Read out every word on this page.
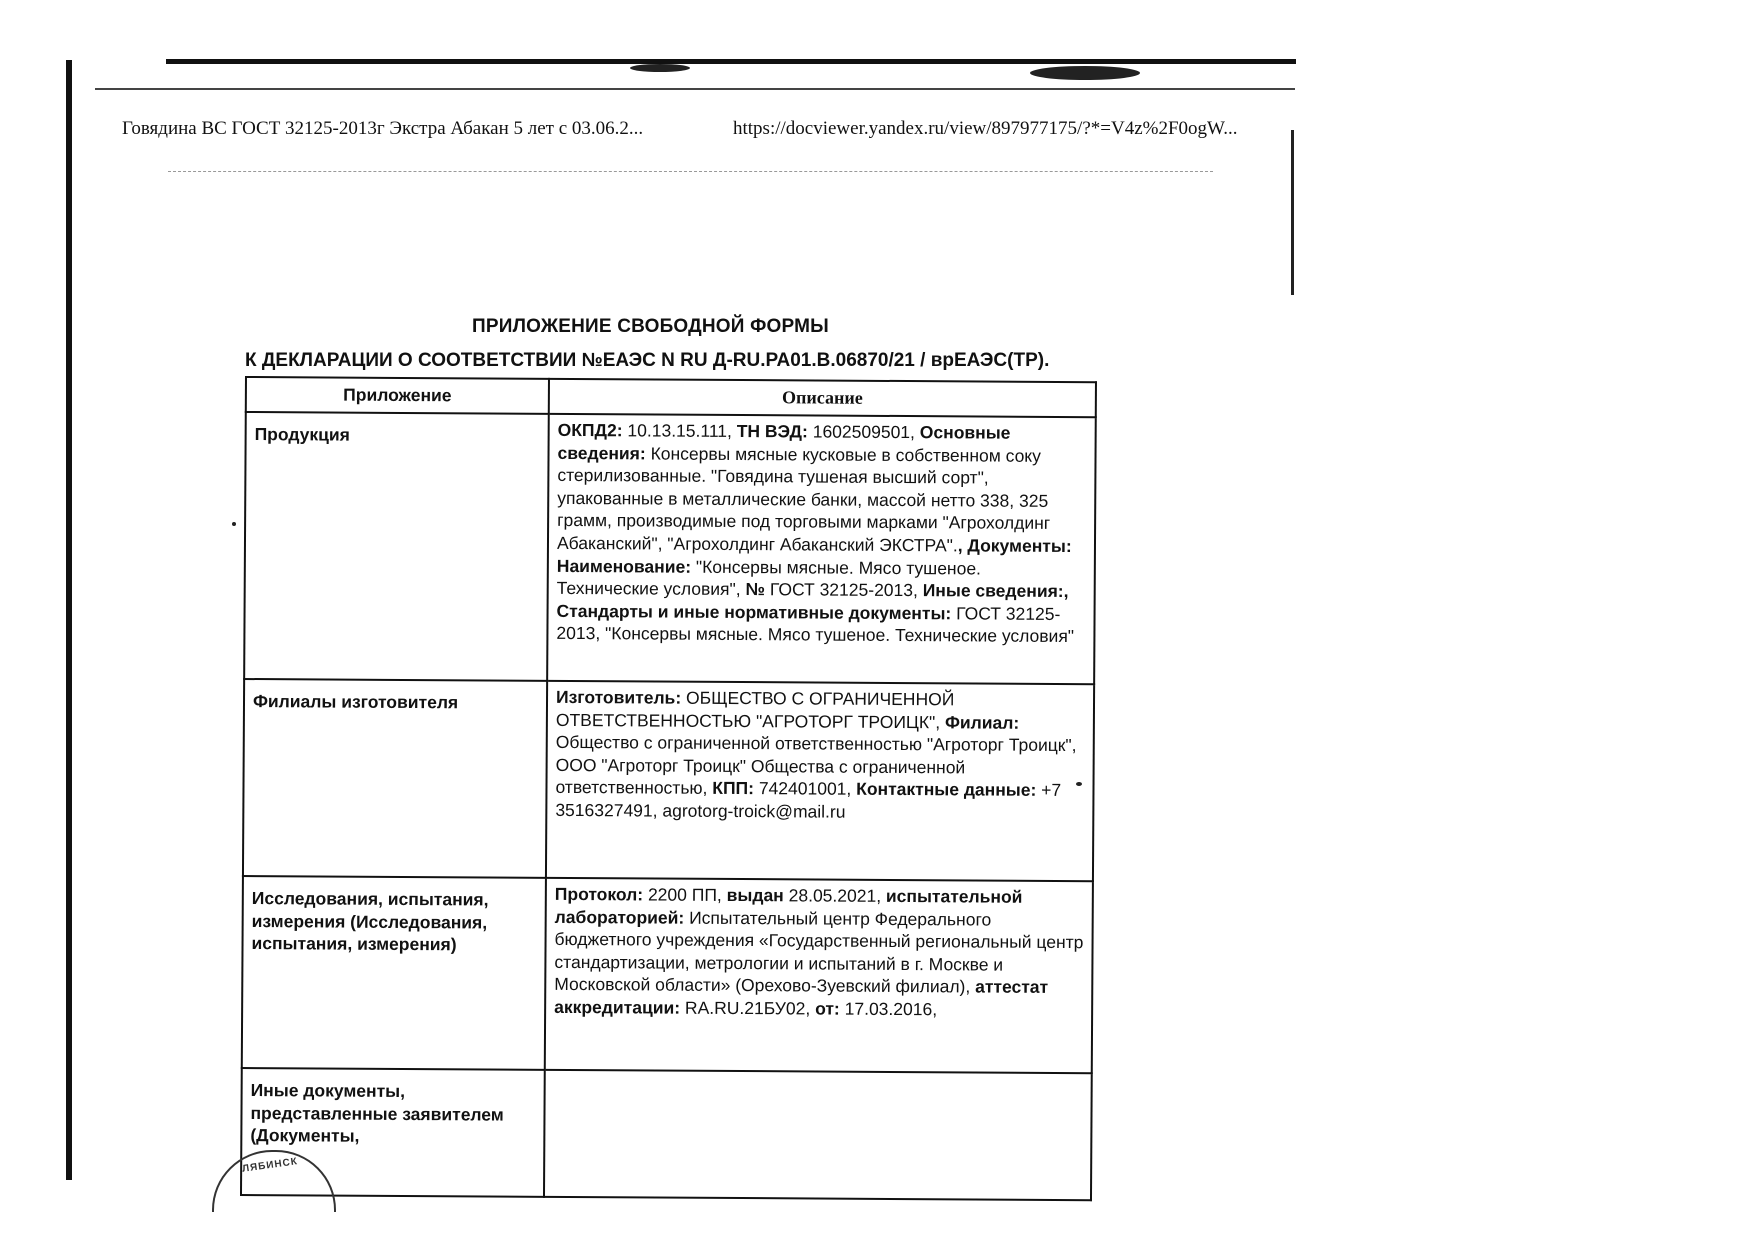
Говядина ВС ГОСТ 32125-2013г Экстра Абакан 5 лет с 03.06.2...	https://docviewer.yandex.ru/view/897977175/?*=V4z%2F0ogW...
ПРИЛОЖЕНИЕ СВОБОДНОЙ ФОРМЫ
К ДЕКЛАРАЦИИ О СООТВЕТСТВИИ №ЕАЭС N RU Д-RU.РА01.В.06870/21 / врЕАЭС(ТР).
Приложение	Описание
Продукция	ОКПД2: 10.13.15.111, ТН ВЭД: 1602509501, Основные сведения: Консервы мясные кусковые в собственном соку стерилизованные. "Говядина тушеная высший сорт", упакованные в металлические банки, массой нетто 338, 325 грамм, производимые под торговыми марками "Агрохолдинг Абаканский", "Агрохолдинг Абаканский ЭКСТРА"., Документы: Наименование: "Консервы мясные. Мясо тушеное. Технические условия", № ГОСТ 32125-2013, Иные сведения:, Стандарты и иные нормативные документы: ГОСТ 32125-2013, "Консервы мясные. Мясо тушеное. Технические условия"
Филиалы изготовителя	Изготовитель: ОБЩЕСТВО С ОГРАНИЧЕННОЙ ОТВЕТСТВЕННОСТЬЮ "АГРОТОРГ ТРОИЦК", Филиал: Общество с ограниченной ответственностью "Агроторг Троицк", ООО "Агроторг Троицк" Общества с ограниченной ответственностью, КПП: 742401001, Контактные данные: +7 3516327491, agrotorg-troick@mail.ru
Исследования, испытания, измерения (Исследования, испытания, измерения)	Протокол: 2200 ПП, выдан 28.05.2021, испытательной лабораторией: Испытательный центр Федерального бюджетного учреждения «Государственный региональный центр стандартизации, метрологии и испытаний в г. Москве и Московской области» (Орехово-Зуевский филиал), аттестат аккредитации: RA.RU.21БУ02, от: 17.03.2016,
Иные документы, представленные заявителем (Документы,	
ЛЯБИНСК
